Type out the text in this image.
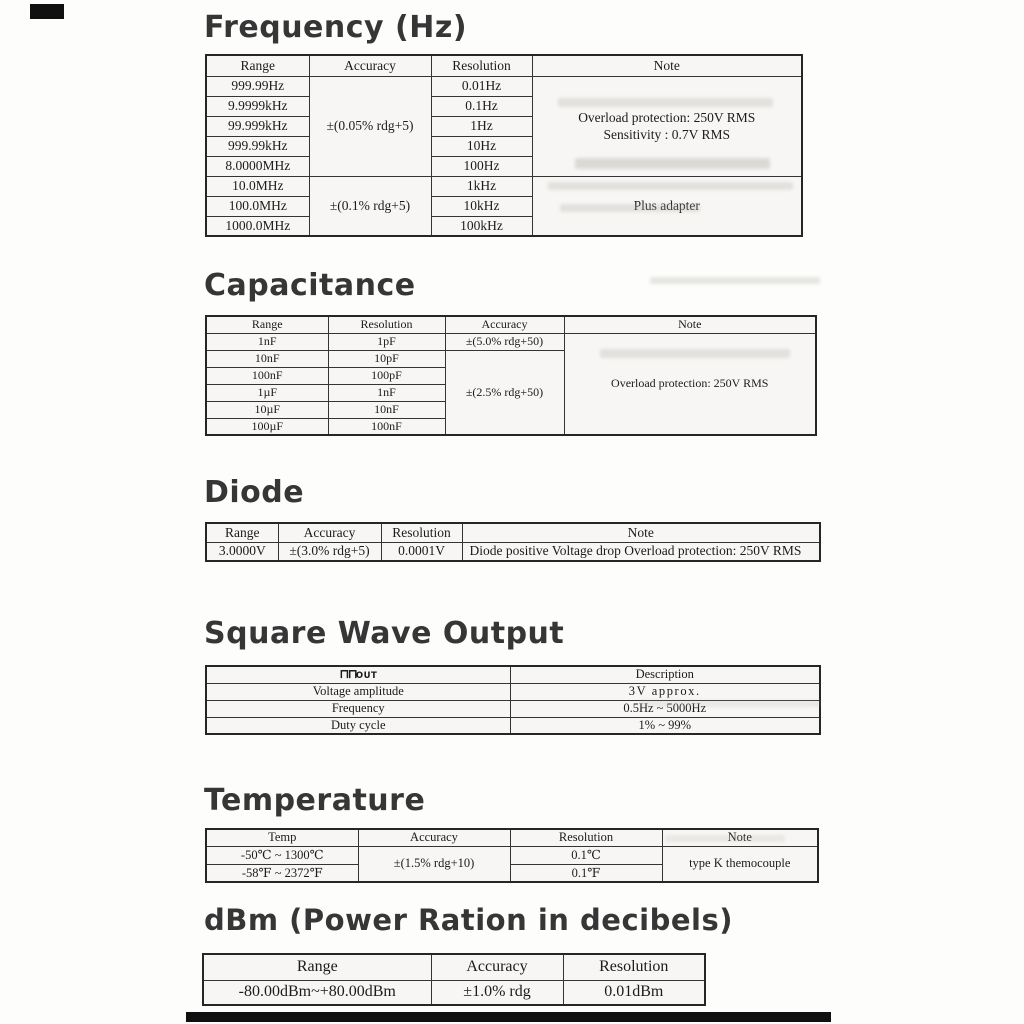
Frequency (Hz)
Range	Accuracy	Resolution	Note
999.99Hz	±(0.05% rdg+5)	0.01Hz	Overload protection: 250V RMS
Sensitivity : 0.7V RMS

9.9999kHz		0.1Hz	
99.999kHz		1Hz	
999.99kHz		10Hz	
8.0000MHz		100Hz	
10.0MHz	±(0.1% rdg+5)	1kHz	Plus adapter
100.0MHz		10kHz	
1000.0MHz		100kHz	
Capacitance
Range	Resolution	Accuracy	Note
1nF	1pF	±(5.0% rdg+50)	Overload protection: 250V RMS
10nF	10pF	±(2.5% rdg+50)	
100nF	100pF		
1µF	1nF		
10µF	10nF		
100µF	100nF		
Diode
Range	Accuracy	Resolution	Note
3.0000V	±(3.0% rdg+5)	0.0001V	Diode positive Voltage drop Overload protection: 250V RMS
Square Wave Output
⊓⊓OUT	Description
Voltage amplitude	3V approx.
Frequency	0.5Hz ~ 5000Hz
Duty cycle	1% ~ 99%
Temperature
Temp	Accuracy	Resolution	Note
-50℃ ~ 1300℃	±(1.5% rdg+10)	0.1℃	type K themocouple
-58℉ ~ 2372℉		0.1℉	
dBm (Power Ration in decibels)
Range	Accuracy	Resolution
-80.00dBm~+80.00dBm	±1.0% rdg	0.01dBm
